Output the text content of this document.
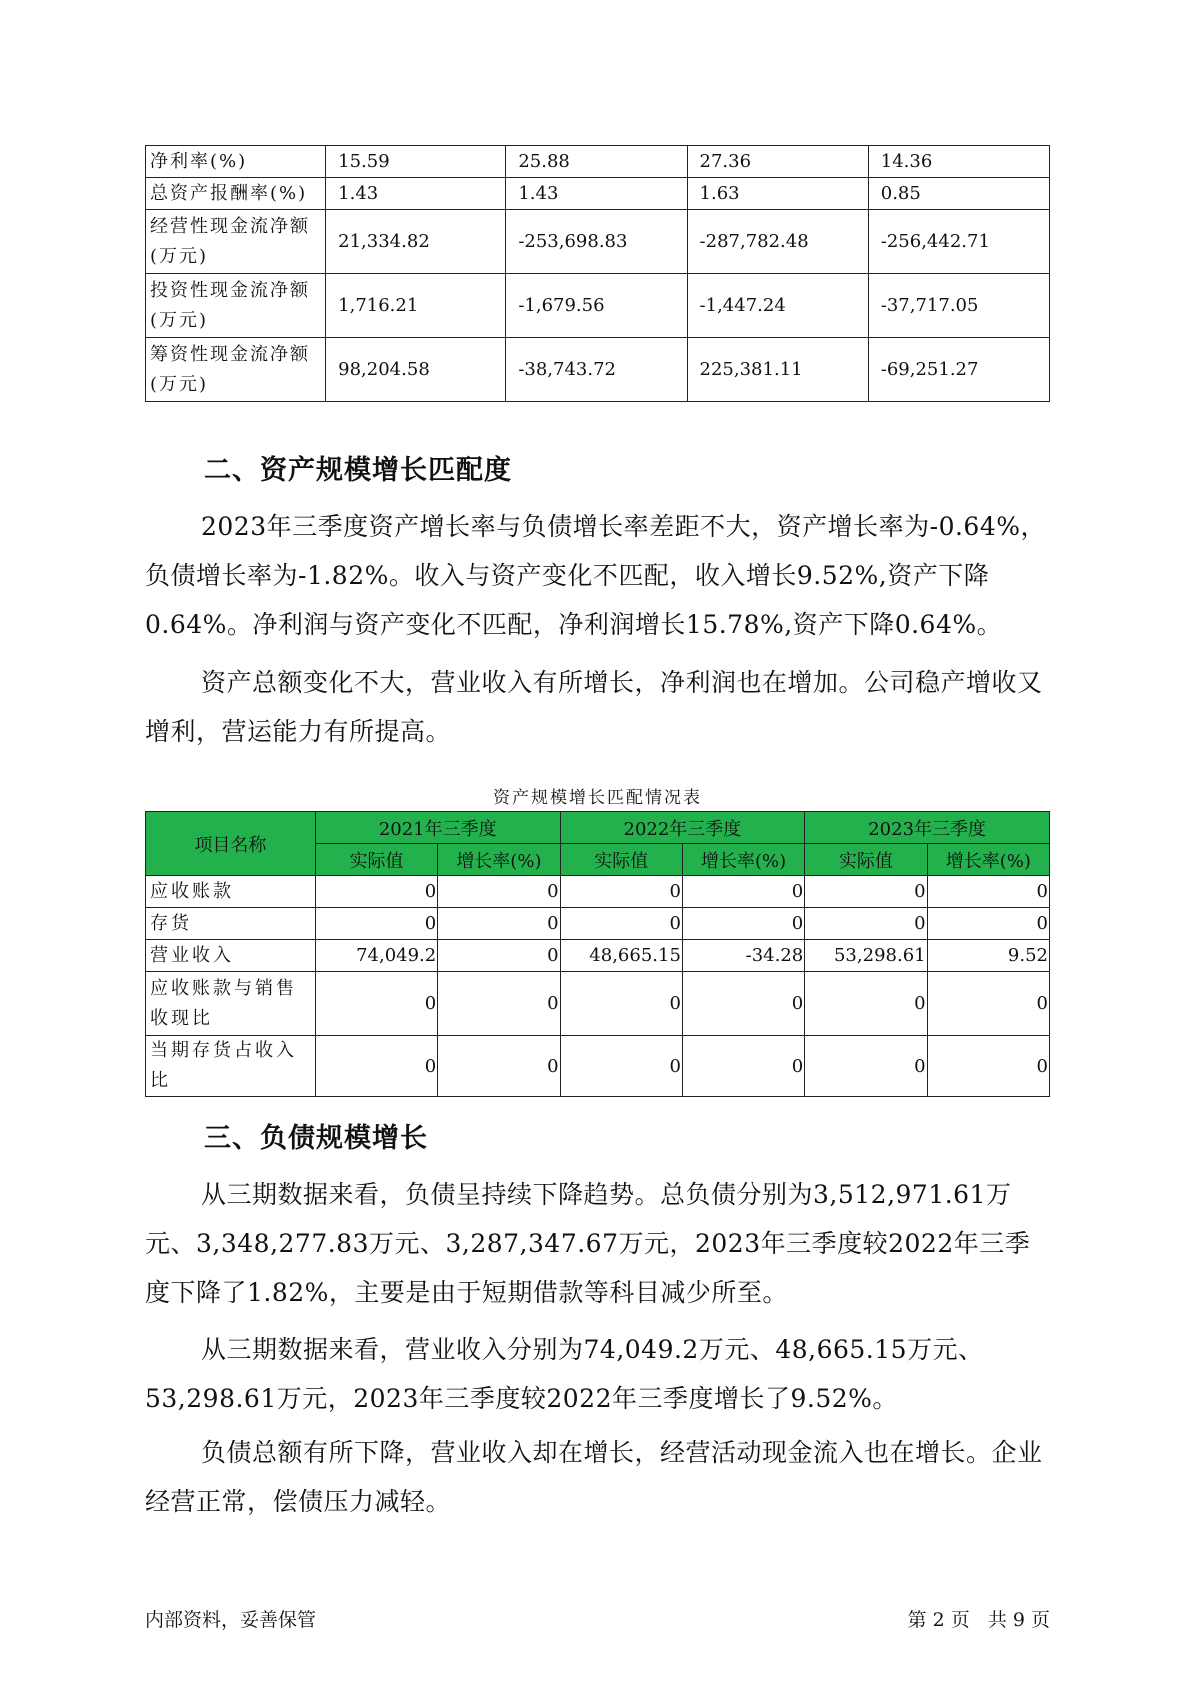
净利率(%)	15.59	25.88	27.36	14.36
总资产报酬率(%)	1.43	1.43	1.63	0.85
经营性现金流净额(万元)	21,334.82	-253,698.83	-287,782.48	-256,442.71
投资性现金流净额(万元)	1,716.21	-1,679.56	-1,447.24	-37,717.05
筹资性现金流净额(万元)	98,204.58	-38,743.72	225,381.11	-69,251.27
二、资产规模增长匹配度

2023年三季度资产增长率与负债增长率差距不大，资产增长率为-0.64%，负债增长率为-1.82%。收入与资产变化不匹配，收入增长9.52%,资产下降0.64%。净利润与资产变化不匹配，净利润增长15.78%,资产下降0.64%。

资产总额变化不大，营业收入有所增长，净利润也在增加。公司稳产增收又增利，营运能力有所提高。

资产规模增长匹配情况表
项目名称	2021年三季度		2022年三季度		2023年三季度	
	实际值	增长率(%)	实际值	增长率(%)	实际值	增长率(%)
应收账款	0	0	0	0	0	0
存货	0	0	0	0	0	0
营业收入	74,049.2	0	48,665.15	-34.28	53,298.61	9.52
应收账款与销售收现比	0	0	0	0	0	0
当期存货占收入比	0	0	0	0	0	0
三、负债规模增长

从三期数据来看，负债呈持续下降趋势。总负债分别为3,512,971.61万元、3,348,277.83万元、3,287,347.67万元，2023年三季度较2022年三季度下降了1.82%，主要是由于短期借款等科目减少所至。

从三期数据来看，营业收入分别为74,049.2万元、48,665.15万元、53,298.61万元，2023年三季度较2022年三季度增长了9.52%。

负债总额有所下降，营业收入却在增长，经营活动现金流入也在增长。企业经营正常，偿债压力减轻。

内部资料，妥善保管	第 2 页   共 9 页
